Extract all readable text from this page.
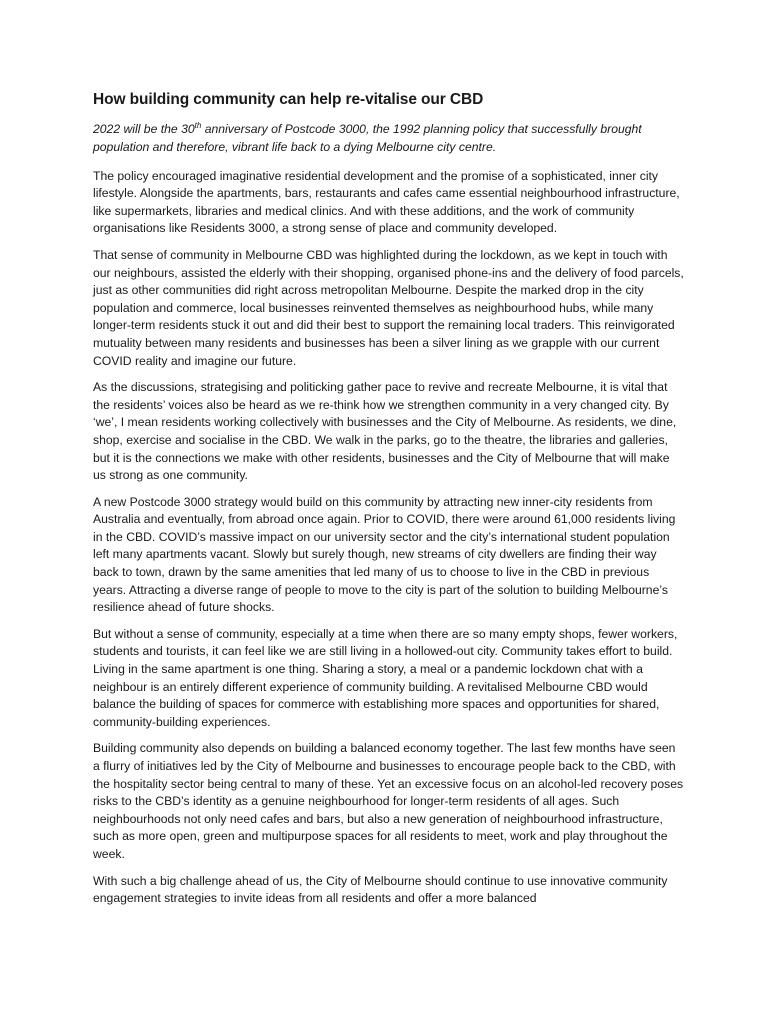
How building community can help re-vitalise our CBD

2022 will be the 30th anniversary of Postcode 3000, the 1992 planning policy that successfully brought population and therefore, vibrant life back to a dying Melbourne city centre.

The policy encouraged imaginative residential development and the promise of a sophisticated, inner city lifestyle. Alongside the apartments, bars, restaurants and cafes came essential neighbourhood infrastructure, like supermarkets, libraries and medical clinics. And with these additions, and the work of community organisations like Residents 3000, a strong sense of place and community developed.

That sense of community in Melbourne CBD was highlighted during the lockdown, as we kept in touch with our neighbours, assisted the elderly with their shopping, organised phone-ins and the delivery of food parcels, just as other communities did right across metropolitan Melbourne. Despite the marked drop in the city population and commerce, local businesses reinvented themselves as neighbourhood hubs, while many longer-term residents stuck it out and did their best to support the remaining local traders. This reinvigorated mutuality between many residents and businesses has been a silver lining as we grapple with our current COVID reality and imagine our future.

As the discussions, strategising and politicking gather pace to revive and recreate Melbourne, it is vital that the residents’ voices also be heard as we re-think how we strengthen community in a very changed city. By ‘we’, I mean residents working collectively with businesses and the City of Melbourne. As residents, we dine, shop, exercise and socialise in the CBD. We walk in the parks, go to the theatre, the libraries and galleries, but it is the connections we make with other residents, businesses and the City of Melbourne that will make us strong as one community.

A new Postcode 3000 strategy would build on this community by attracting new inner-city residents from Australia and eventually, from abroad once again. Prior to COVID, there were around 61,000 residents living in the CBD. COVID’s massive impact on our university sector and the city’s international student population left many apartments vacant. Slowly but surely though, new streams of city dwellers are finding their way back to town, drawn by the same amenities that led many of us to choose to live in the CBD in previous years. Attracting a diverse range of people to move to the city is part of the solution to building Melbourne’s resilience ahead of future shocks.

But without a sense of community, especially at a time when there are so many empty shops, fewer workers, students and tourists, it can feel like we are still living in a hollowed-out city. Community takes effort to build. Living in the same apartment is one thing. Sharing a story, a meal or a pandemic lockdown chat with a neighbour is an entirely different experience of community building. A revitalised Melbourne CBD would balance the building of spaces for commerce with establishing more spaces and opportunities for shared, community-building experiences.

Building community also depends on building a balanced economy together. The last few months have seen a flurry of initiatives led by the City of Melbourne and businesses to encourage people back to the CBD, with the hospitality sector being central to many of these. Yet an excessive focus on an alcohol-led recovery poses risks to the CBD’s identity as a genuine neighbourhood for longer-term residents of all ages. Such neighbourhoods not only need cafes and bars, but also a new generation of neighbourhood infrastructure, such as more open, green and multipurpose spaces for all residents to meet, work and play throughout the week.

With such a big challenge ahead of us, the City of Melbourne should continue to use innovative community engagement strategies to invite ideas from all residents and offer a more balanced
